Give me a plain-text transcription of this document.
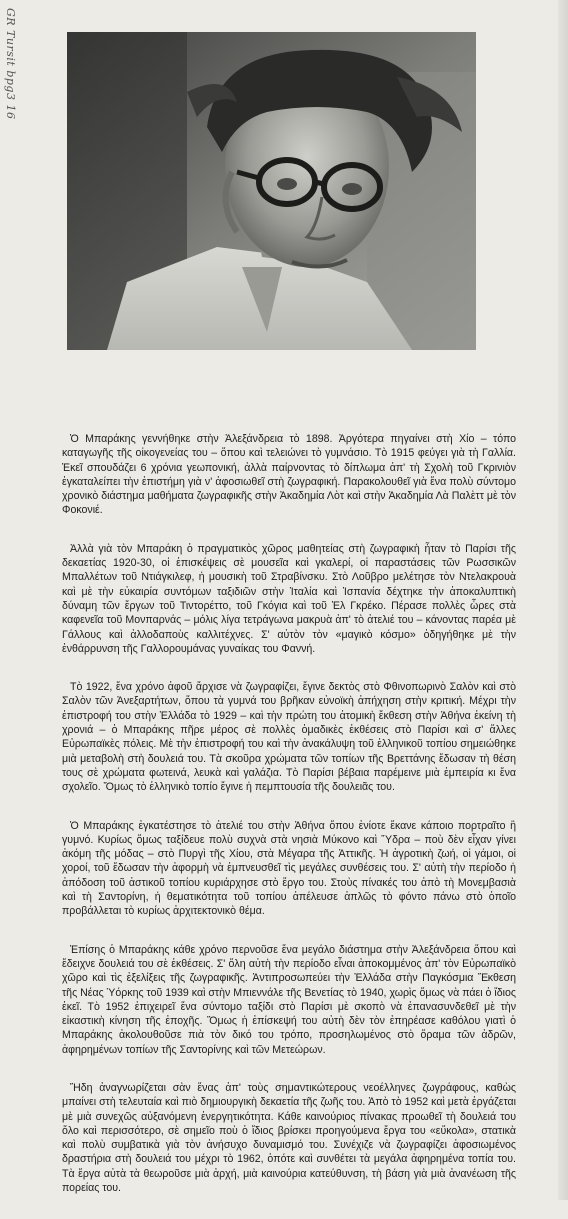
GR Tursit bpg3 16

Ὁ Μπαράκης γεννήθηκε στὴν Ἀλεξάνδρεια τὸ 1898. Ἀργότερα πηγαίνει στὴ Χίο – τόπο καταγωγῆς τῆς οἰκογενείας του – ὅπου καὶ τελειώνει τὸ γυμνάσιο. Τὸ 1915 φεύγει γιὰ τὴ Γαλλία. Ἐκεῖ σπουδάζει 6 χρόνια γεωπονική, ἀλλὰ παίρνοντας τὸ δίπλωμα ἀπ' τὴ Σχολὴ τοῦ Γκρινιὸν ἐγκαταλείπει τὴν ἐπιστήμη γιὰ ν' ἀφοσιωθεῖ στὴ ζωγραφική. Παρακολουθεῖ γιὰ ἕνα πολὺ σύντομο χρονικὸ διάστημα μαθήματα ζωγραφικῆς στὴν Ἀκαδημία Λὸτ καὶ στὴν Ἀκαδημία Λὰ Παλὲττ μὲ τὸν Φοκονιέ.

Ἀλλὰ γιὰ τὸν Μπαράκη ὁ πραγματικὸς χῶρος μαθητείας στὴ ζωγραφικὴ ἦταν τὸ Παρίσι τῆς δεκαετίας 1920-30, οἱ ἐπισκέψεις σὲ μουσεῖα καὶ γκαλερί, οἱ παραστάσεις τῶν Ρωσσικῶν Μπαλλέτων τοῦ Ντιάγκιλεφ, ἡ μουσικὴ τοῦ Στραβίνσκυ. Στὸ Λοῦβρο μελέτησε τὸν Ντελακρουὰ καὶ μὲ τὴν εὐκαιρία συντόμων ταξιδιῶν στὴν Ἰταλία καὶ Ἰσπανία δέχτηκε τὴν ἀποκαλυπτικὴ δύναμη τῶν ἔργων τοῦ Τιντορέττο, τοῦ Γκόγια καὶ τοῦ Ἐλ Γκρέκο. Πέρασε πολλὲς ὧρες στὰ καφενεῖα τοῦ Μονπαρνάς – μόλις λίγα τετράγωνα μακρυὰ ἀπ' τὸ ἀτελιέ του – κάνοντας παρέα μὲ Γάλλους καὶ ἀλλοδαποὺς καλλιτέχνες. Σ' αὐτὸν τὸν «μαγικὸ κόσμο» ὁδηγήθηκε μὲ τὴν ἐνθάρρυνση τῆς Γαλλορουμάνας γυναίκας του Φαννή.

Τὸ 1922, ἕνα χρόνο ἀφοῦ ἄρχισε νὰ ζωγραφίζει, ἔγινε δεκτὸς στὸ Φθινοπωρινὸ Σαλὸν καὶ στὸ Σαλὸν τῶν Ἀνεξαρτήτων, ὅπου τὰ γυμνά του βρῆκαν εὐνοϊκὴ ἀπήχηση στὴν κριτική. Μέχρι τὴν ἐπιστροφή του στὴν Ἑλλάδα τὸ 1929 – καὶ τὴν πρώτη του ἀτομικὴ ἔκθεση στὴν Ἀθήνα ἐκείνη τὴ χρονιά – ὁ Μπαράκης πῆρε μέρος σὲ πολλὲς ὁμαδικὲς ἐκθέσεις στὸ Παρίσι καὶ σ' ἄλλες Εὐρωπαϊκὲς πόλεις. Μὲ τὴν ἐπιστροφή του καὶ τὴν ἀνακάλυψη τοῦ ἑλληνικοῦ τοπίου σημειώθηκε μιὰ μεταβολὴ στὴ δουλειά του. Τὰ σκοῦρα χρώματα τῶν τοπίων τῆς Βρεττάνης ἔδωσαν τὴ θέση τους σὲ χρώματα φωτεινά, λευκὰ καὶ γαλάζια. Τὸ Παρίσι βέβαια παρέμεινε μιὰ ἐμπειρία κι ἕνα σχολεῖο. Ὅμως τὸ ἑλληνικὸ τοπίο ἔγινε ἡ πεμπτουσία τῆς δουλειᾶς του.

Ὁ Μπαράκης ἐγκατέστησε τὸ ἀτελιέ του στὴν Ἀθήνα ὅπου ἐνίοτε ἔκανε κάποιο πορτραῖτο ἢ γυμνό. Κυρίως ὅμως ταξίδευε πολὺ συχνὰ στὰ νησιὰ Μύκονο καὶ Ὕδρα – ποὺ δὲν εἶχαν γίνει ἀκόμη τῆς μόδας – στὸ Πυργὶ τῆς Χίου, στὰ Μέγαρα τῆς Ἀττικῆς. Ἡ ἀγροτικὴ ζωή, οἱ γάμοι, οἱ χοροί, τοῦ ἔδωσαν τὴν ἀφορμὴ νὰ ἐμπνευσθεῖ τὶς μεγάλες συνθέσεις του. Σ' αὐτὴ τὴν περίοδο ἡ ἀπόδοση τοῦ ἀστικοῦ τοπίου κυριάρχησε στὸ ἔργο του. Στοὺς πίνακές του ἀπὸ τὴ Μονεμβασιὰ καὶ τὴ Σαντορίνη, ἡ θεματικότητα τοῦ τοπίου ἀπέλευσε ἁπλῶς τὸ φόντο πάνω στὸ ὁποῖο προβάλλεται τὸ κυρίως ἀρχιτεκτονικὸ θέμα.

Ἐπίσης ὁ Μπαράκης κάθε χρόνο περνοῦσε ἕνα μεγάλο διάστημα στὴν Ἀλεξάνδρεια ὅπου καὶ ἔδειχνε δουλειά του σὲ ἐκθέσεις. Σ' ὅλη αὐτὴ τὴν περίοδο εἶναι ἀποκομμένος ἀπ' τὸν Εὐρωπαϊκὸ χῶρο καὶ τὶς ἐξελίξεις τῆς ζωγραφικῆς. Ἀντιπροσωπεύει τὴν Ἑλλάδα στὴν Παγκόσμια Ἔκθεση τῆς Νέας Ὑόρκης τοῦ 1939 καὶ στὴν Μπιεννάλε τῆς Βενετίας τὸ 1940, χωρὶς ὅμως νὰ πάει ὁ ἴδιος ἐκεῖ. Τὸ 1952 ἐπιχειρεῖ ἕνα σύντομο ταξίδι στὸ Παρίσι μὲ σκοπὸ νὰ ἐπανασυνδεθεῖ μὲ τὴν εἰκαστικὴ κίνηση τῆς ἐποχῆς. Ὅμως ἡ ἐπίσκεψή του αὐτὴ δὲν τὸν ἐπηρέασε καθόλου γιατὶ ὁ Μπαράκης ἀκολουθοῦσε πιὰ τὸν δικό του τρόπο, προσηλωμένος στὸ ὅραμα τῶν ἀδρῶν, ἀφηρημένων τοπίων τῆς Σαντορίνης καὶ τῶν Μετεώρων.

Ἤδη ἀναγνωρίζεται σὰν ἕνας ἀπ' τοὺς σημαντικώτερους νεοέλληνες ζωγράφους, καθὼς μπαίνει στὴ τελευταία καὶ πιὸ δημιουργικὴ δεκαετία τῆς ζωῆς του. Ἀπὸ τὸ 1952 καὶ μετὰ ἐργάζεται μὲ μιὰ συνεχῶς αὐξανόμενη ἐνεργητικότητα. Κάθε καινούριος πίνακας προωθεῖ τὴ δουλειά του ὅλο καὶ περισσότερο, σὲ σημεῖο ποὺ ὁ ἴδιος βρίσκει προηγούμενα ἔργα του «εὔκολα», στατικὰ καὶ πολὺ συμβατικὰ γιὰ τὸν ἀνήσυχο δυναμισμό του. Συνέχιζε νὰ ζωγραφίζει ἀφοσιωμένος δραστήρια στὴ δουλειά του μέχρι τὸ 1962, ὁπότε καὶ συνθέτει τὰ μεγάλα ἀφηρημένα τοπία του. Τὰ ἔργα αὐτὰ τὰ θεωροῦσε μιὰ ἀρχή, μιὰ καινούρια κατεύθυνση, τὴ βάση γιὰ μιὰ ἀνανέωση τῆς πορείας του.
